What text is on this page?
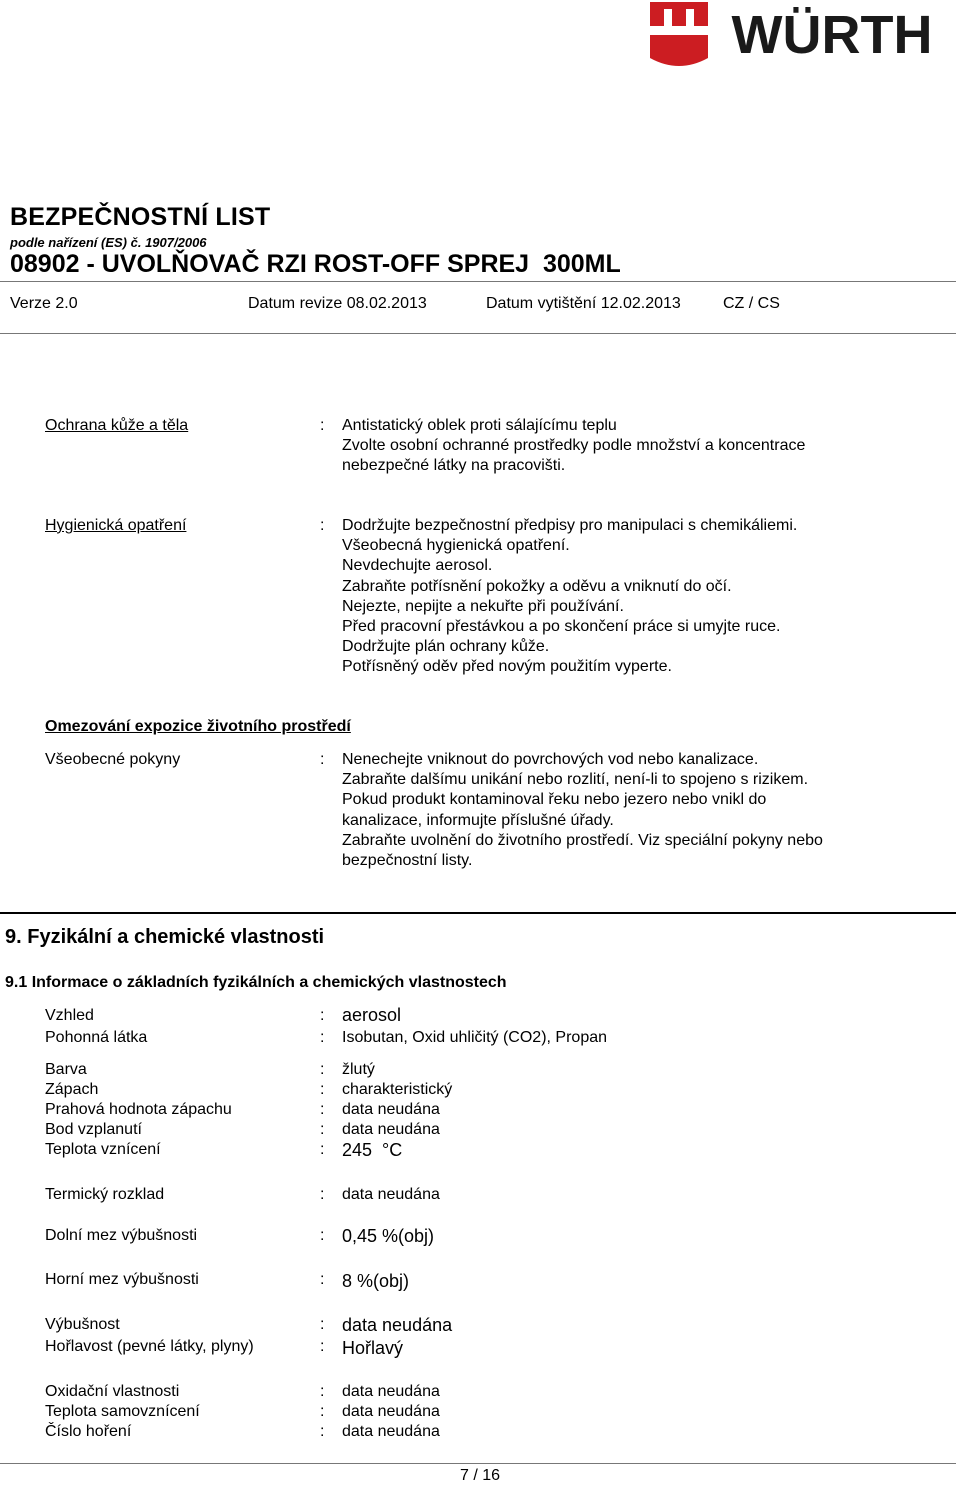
WÜRTH
BEZPEČNOSTNÍ LIST
podle nařízení (ES) č. 1907/2006
08902 - UVOLŇOVAČ RZI ROST-OFF SPREJ  300ML
Verze 2.0	Datum revize 08.02.2013	Datum vytištění 12.02.2013	CZ / CS
Ochrana kůže a těla	: Antistatický oblek proti sálajícímu teplu
Zvolte osobní ochranné prostředky podle množství a koncentrace
nebezpečné látky na pracovišti.
Hygienická opatření	: Dodržujte bezpečnostní předpisy pro manipulaci s chemikáliemi.
Všeobecná hygienická opatření.
Nevdechujte aerosol.
Zabraňte potřísnění pokožky a oděvu a vniknutí do očí.
Nejezte, nepijte a nekuřte při používání.
Před pracovní přestávkou a po skončení práce si umyjte ruce.
Dodržujte plán ochrany kůže.
Potřísněný oděv před novým použitím vyperte.
Omezování expozice životního prostředí
Všeobecné pokyny	: Nenechejte vniknout do povrchových vod nebo kanalizace.
Zabraňte dalšímu unikání nebo rozlití, není-li to spojeno s rizikem.
Pokud produkt kontaminoval řeku nebo jezero nebo vnikl do
kanalizace, informujte příslušné úřady.
Zabraňte uvolnění do životního prostředí. Viz speciální pokyny nebo
bezpečnostní listy.
9. Fyzikální a chemické vlastnosti
9.1 Informace o základních fyzikálních a chemických vlastnostech
Vzhled	: aerosol
Pohonná látka	: Isobutan, Oxid uhličitý (CO2), Propan
Barva	: žlutý
Zápach	: charakteristický
Prahová hodnota zápachu	: data neudána
Bod vzplanutí	: data neudána
Teplota vznícení	: 245  °C
Termický rozklad	: data neudána
Dolní mez výbušnosti	: 0,45 %(obj)
Horní mez výbušnosti	: 8 %(obj)
Výbušnost	: data neudána
Hořlavost (pevné látky, plyny)	: Hořlavý
Oxidační vlastnosti	: data neudána
Teplota samovznícení	: data neudána
Číslo hoření	: data neudána
7 / 16
